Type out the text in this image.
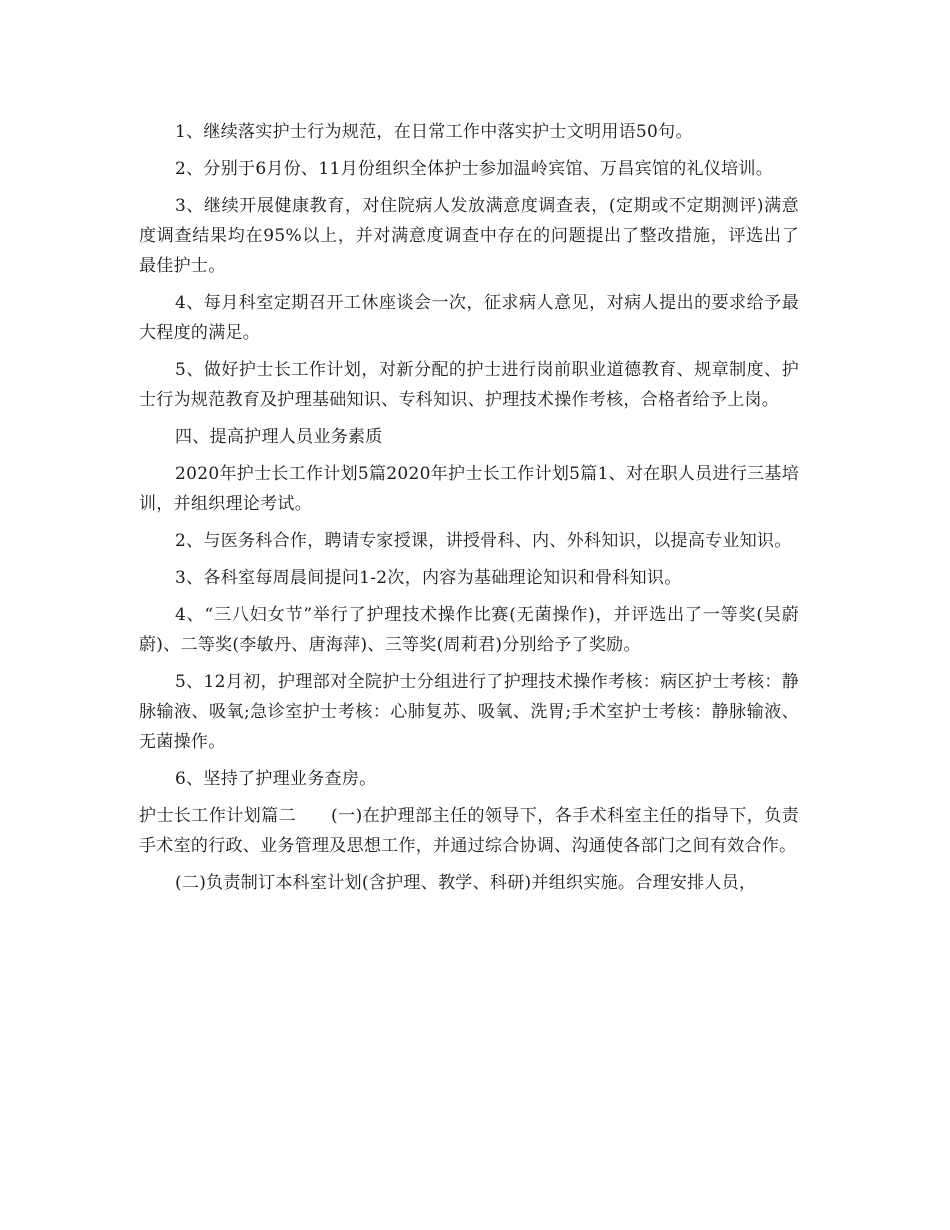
1、继续落实护士行为规范，在日常工作中落实护士文明用语50句。

2、分别于6月份、11月份组织全体护士参加温岭宾馆、万昌宾馆的礼仪培训。

3、继续开展健康教育，对住院病人发放满意度调查表，(定期或不定期测评)满意度调查结果均在95%以上，并对满意度调查中存在的问题提出了整改措施，评选出了最佳护士。

4、每月科室定期召开工休座谈会一次，征求病人意见，对病人提出的要求给予最大程度的满足。

5、做好护士长工作计划，对新分配的护士进行岗前职业道德教育、规章制度、护士行为规范教育及护理基础知识、专科知识、护理技术操作考核，合格者给予上岗。

四、提高护理人员业务素质

2020年护士长工作计划5篇2020年护士长工作计划5篇1、对在职人员进行三基培训，并组织理论考试。

2、与医务科合作，聘请专家授课，讲授骨科、内、外科知识，以提高专业知识。

3、各科室每周晨间提问1-2次，内容为基础理论知识和骨科知识。

4、“三八妇女节”举行了护理技术操作比赛(无菌操作)，并评选出了一等奖(吴蔚蔚)、二等奖(李敏丹、唐海萍)、三等奖(周莉君)分别给予了奖励。

5、12月初，护理部对全院护士分组进行了护理技术操作考核：病区护士考核：静脉输液、吸氧;急诊室护士考核：心肺复苏、吸氧、洗胃;手术室护士考核：静脉输液、无菌操作。

6、坚持了护理业务查房。

护士长工作计划篇二　　(一)在护理部主任的领导下，各手术科室主任的指导下，负责手术室的行政、业务管理及思想工作，并通过综合协调、沟通使各部门之间有效合作。

(二)负责制订本科室计划(含护理、教学、科研)并组织实施。合理安排人员，
